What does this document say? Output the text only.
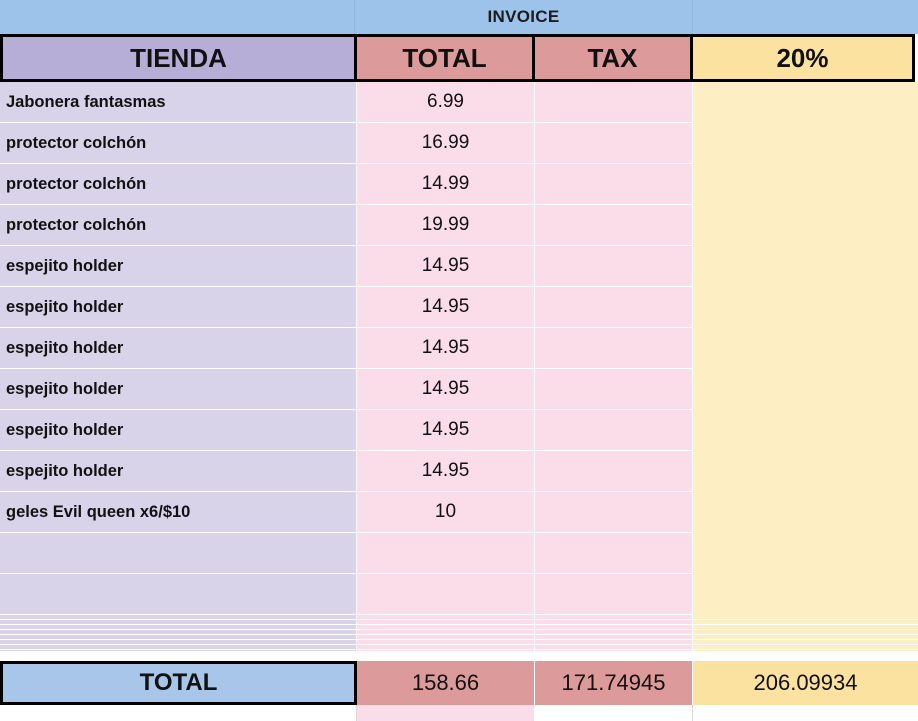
INVOICE
TIENDA	TOTAL	TAX	20%
Jabonera fantasmas	6.99
protector colchón	16.99
protector colchón	14.99
protector colchón	19.99
espejito holder	14.95
espejito holder	14.95
espejito holder	14.95
espejito holder	14.95
espejito holder	14.95
espejito holder	14.95
geles Evil queen x6/$10	10
TOTAL	158.66	171.74945	206.09934
